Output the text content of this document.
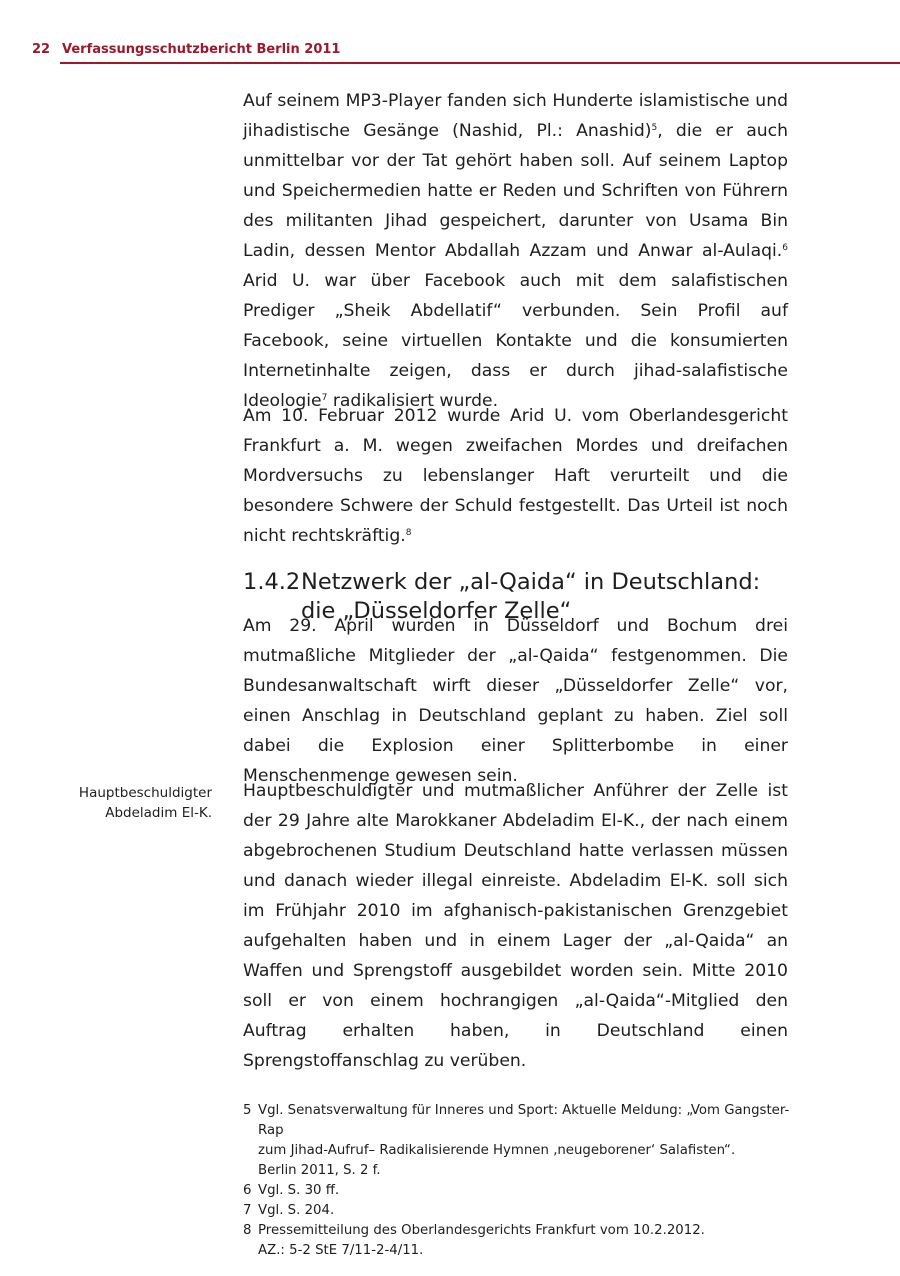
22 Verfassungsschutzbericht Berlin 2011

Auf seinem MP3-Player fanden sich Hunderte islamistische und jihadistische Gesänge (Nashid, Pl.: Anashid)$^5$, die er auch unmittelbar vor der Tat gehört haben soll. Auf seinem Laptop und Speichermedien hatte er Reden und Schriften von Führern des militanten Jihad gespeichert, darunter von Usama Bin Ladin, dessen Mentor Abdallah Azzam und Anwar al-Aulaqi.$^6$ Arid U. war über Facebook auch mit dem salafistischen Prediger „Sheik Abdellatif“ verbunden. Sein Profil auf Facebook, seine virtuellen Kontakte und die konsumierten Internetinhalte zeigen, dass er durch jihad-salafistische Ideologie$^7$ radikalisiert wurde.

Am 10. Februar 2012 wurde Arid U. vom Oberlandesgericht Frankfurt a. M. wegen zweifachen Mordes und dreifachen Mordversuchs zu lebenslanger Haft verurteilt und die besondere Schwere der Schuld festgestellt. Das Urteil ist noch nicht rechtskräftig.$^8$

1.4.2Netzwerk der „al-Qaida“ in Deutschland:
die „Düsseldorfer Zelle“

Am 29. April wurden in Düsseldorf und Bochum drei mutmaßliche Mitglieder der „al-Qaida“ festgenommen. Die Bundesanwaltschaft wirft dieser „Düsseldorfer Zelle“ vor, einen Anschlag in Deutschland geplant zu haben. Ziel soll dabei die Explosion einer Splitterbombe in einer Menschenmenge gewesen sein.

Hauptbeschuldigter
Abdeladim El-K.

Hauptbeschuldigter und mutmaßlicher Anführer der Zelle ist der 29 Jahre alte Marokkaner Abdeladim El-K., der nach einem abgebrochenen Studium Deutschland hatte verlassen müssen und danach wieder illegal einreiste. Abdeladim El-K. soll sich im Frühjahr 2010 im afghanisch-pakistanischen Grenzgebiet aufgehalten haben und in einem Lager der „al-Qaida“ an Waffen und Sprengstoff ausgebildet worden sein. Mitte 2010 soll er von einem hochrangigen „al-Qaida“-Mitglied den Auftrag erhalten haben, in Deutschland einen Sprengstoffanschlag zu verüben.

5 Vgl. Senatsverwaltung für Inneres und Sport: Aktuelle Meldung: „Vom Gangster-Rap
zum Jihad-Aufruf– Radikalisierende Hymnen ‚neugeborener‘ Salafisten“.
Berlin 2011, S. 2 f.
6 Vgl. S. 30 ff.
7 Vgl. S. 204.
8 Pressemitteilung des Oberlandesgerichts Frankfurt vom 10.2.2012.
AZ.: 5-2 StE 7/11-2-4/11.
